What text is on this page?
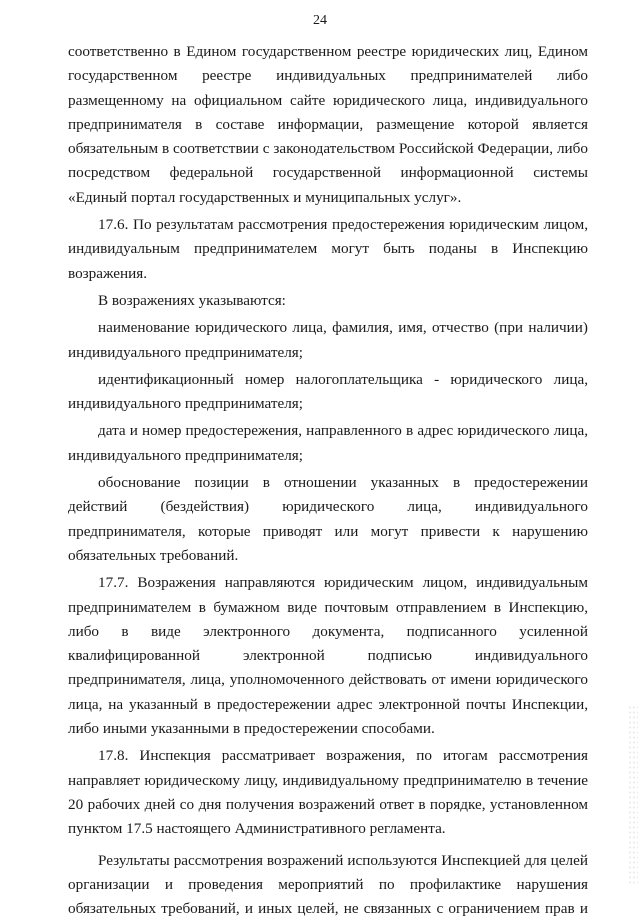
24

соответственно в Едином государственном реестре юридических лиц, Едином государственном реестре индивидуальных предпринимателей либо размещенному на официальном сайте юридического лица, индивидуального предпринимателя в составе информации, размещение которой является обязательным в соответствии с законодательством Российской Федерации, либо посредством федеральной государственной информационной системы «Единый портал государственных и муниципальных услуг».

17.6. По результатам рассмотрения предостережения юридическим лицом, индивидуальным предпринимателем могут быть поданы в Инспекцию возражения.

В возражениях указываются:

наименование юридического лица, фамилия, имя, отчество (при наличии) индивидуального предпринимателя;

идентификационный номер налогоплательщика - юридического лица, индивидуального предпринимателя;

дата и номер предостережения, направленного в адрес юридического лица, индивидуального предпринимателя;

обоснование позиции в отношении указанных в предостережении действий (бездействия) юридического лица, индивидуального предпринимателя, которые приводят или могут привести к нарушению обязательных требований.

17.7. Возражения направляются юридическим лицом, индивидуальным предпринимателем в бумажном виде почтовым отправлением в Инспекцию, либо в виде электронного документа, подписанного усиленной квалифицированной электронной подписью индивидуального предпринимателя, лица, уполномоченного действовать от имени юридического лица, на указанный в предостережении адрес электронной почты Инспекции, либо иными указанными в предостережении способами.

17.8. Инспекция рассматривает возражения, по итогам рассмотрения направляет юридическому лицу, индивидуальному предпринимателю в течение 20 рабочих дней со дня получения возражений ответ в порядке, установленном пунктом 17.5 настоящего Административного регламента.

Результаты рассмотрения возражений используются Инспекцией для целей организации и проведения мероприятий по профилактике нарушения обязательных требований, и иных целей, не связанных с ограничением прав и
